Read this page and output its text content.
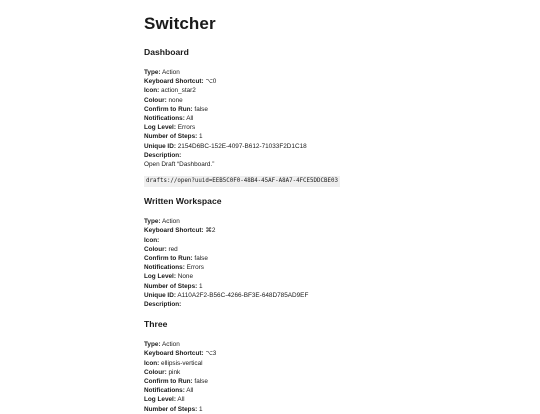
Switcher
Dashboard
Type: Action
Keyboard Shortcut: ⌥0
Icon: action_star2
Colour: none
Confirm to Run: false
Notifications: All
Log Level: Errors
Number of Steps: 1
Unique ID: 2154D6BC-152E-4097-B612-71033F2D1C18
Description:
Open Draft “Dashboard.”
drafts://open?uuid=EEB5C0F0-48B4-45AF-A8A7-4FCE5DDCBE03
Written Workspace
Type: Action
Keyboard Shortcut: ⌘2
Icon:
Colour: red
Confirm to Run: false
Notifications: Errors
Log Level: None
Number of Steps: 1
Unique ID: A110A2F2-B56C-4266-BF3E-648D785AD9EF
Description:
Three
Type: Action
Keyboard Shortcut: ⌥3
Icon: ellipsis-vertical
Colour: pink
Confirm to Run: false
Notifications: All
Log Level: All
Number of Steps: 1
